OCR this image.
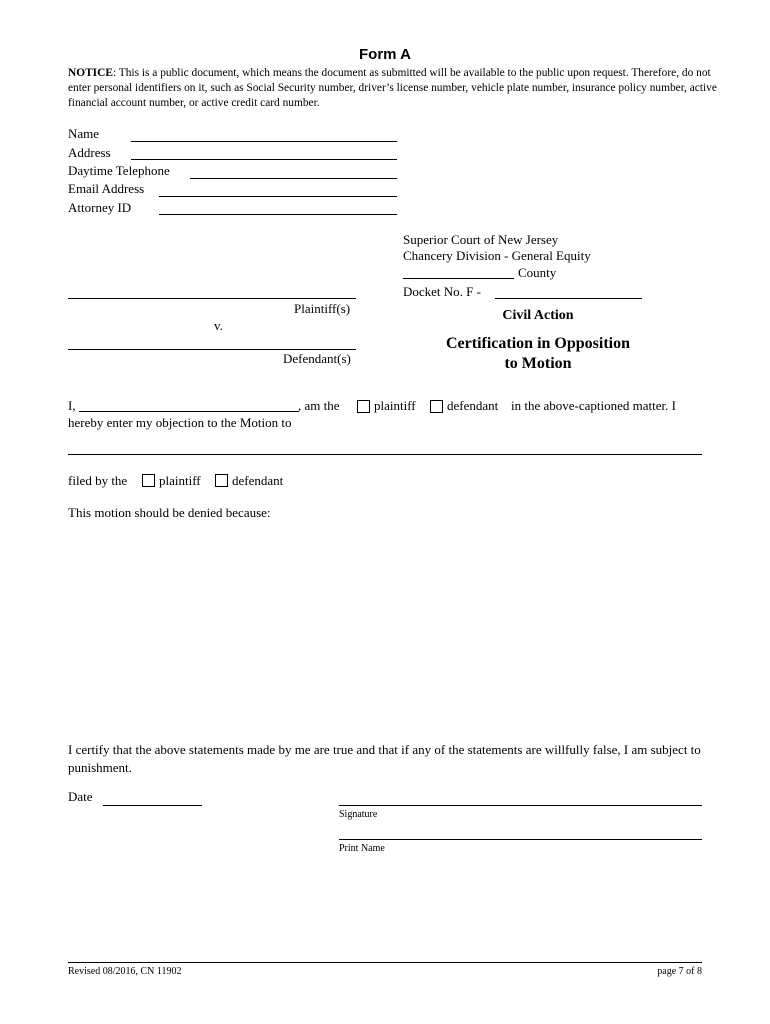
Form A
NOTICE: This is a public document, which means the document as submitted will be available to the public upon request. Therefore, do not enter personal identifiers on it, such as Social Security number, driver’s license number, vehicle plate number, insurance policy number, active financial account number, or active credit card number.
Name
Address
Daytime Telephone
Email Address
Attorney ID
Superior Court of New Jersey
Chancery Division - General Equity
County
Docket No. F -
Plaintiff(s)
v.
Defendant(s)
Civil Action
Certification in Opposition
to Motion
I,	, am the	plaintiff defendant in the above-captioned matter. I
hereby enter my objection to the Motion to
filed by the plaintiff defendant
This motion should be denied because:
I certify that the above statements made by me are true and that if any of the statements are willfully false, I am subject to punishment.
Date
Signature
Print Name
Revised 08/2016, CN 11902	page 7 of 8
